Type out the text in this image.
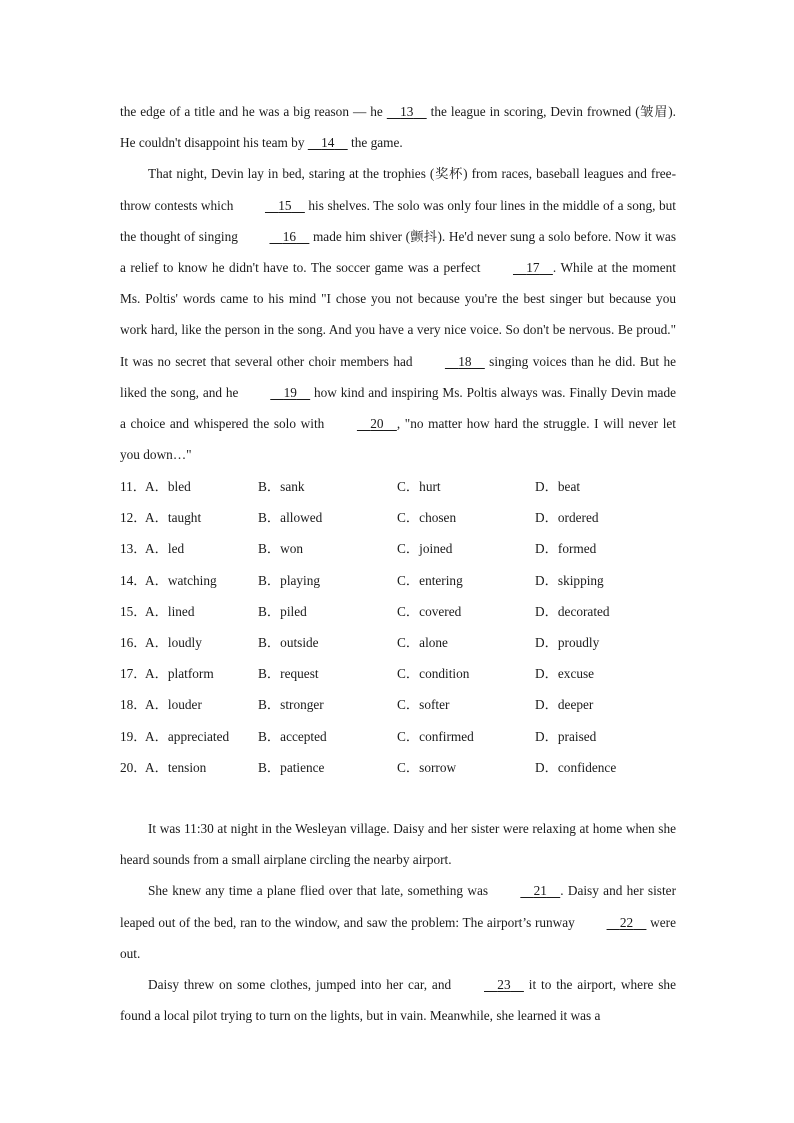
the edge of a title and he was a big reason — he     13     the league in scoring, Devin frowned (皱眉). He couldn't disappoint his team by     14     the game.

That night, Devin lay in bed, staring at the trophies (奖杯) from races, baseball leagues and free-throw contests which	15     his shelves. The solo was only four lines in the middle of a song, but the thought of singing	16     made him shiver (颤抖). He'd never sung a solo before. Now it was a relief to know he didn't have to. The soccer game was a perfect	17 . While at the moment Ms. Poltis' words came to his mind "I chose you not because you're the best singer but because you work hard, like the person in the song. And you have a very nice voice. So don't be nervous. Be proud." It was no secret that several other choir members had	18     singing voices than he did. But he liked the song, and he	19     how kind and inspiring Ms. Poltis always was. Finally Devin made a choice and whispered the solo with	20 , "no matter how hard the struggle. I will never let you down…"

11．
A．bled	B．sank	C．hurt	D．beat
12．
A．taught	B．allowed	C．chosen	D．ordered
13．
A．led	B．won	C．joined	D．formed
14．
A．watching	B．playing	C．entering	D．skipping
15．
A．lined	B．piled	C．covered	D．decorated
16．
A．loudly	B．outside	C．alone	D．proudly
17．
A．platform	B．request	C．condition	D．excuse
18．
A．louder	B．stronger	C．softer	D．deeper
19．
A．appreciated B．accepted	C．confirmed	D．praised
20．
A．tension	B．patience	C．sorrow	D．confidence

It was 11:30 at night in the Wesleyan village. Daisy and her sister were relaxing at home when she heard sounds from a small airplane circling the nearby airport.

She knew any time a plane flied over that late, something was	21 . Daisy and her sister leaped out of the bed, ran to the window, and saw the problem: The airport’s runway	22     were out.

Daisy threw on some clothes, jumped into her car, and	23     it to the airport, where she found a local pilot trying to turn on the lights, but in vain. Meanwhile, she learned it was a
